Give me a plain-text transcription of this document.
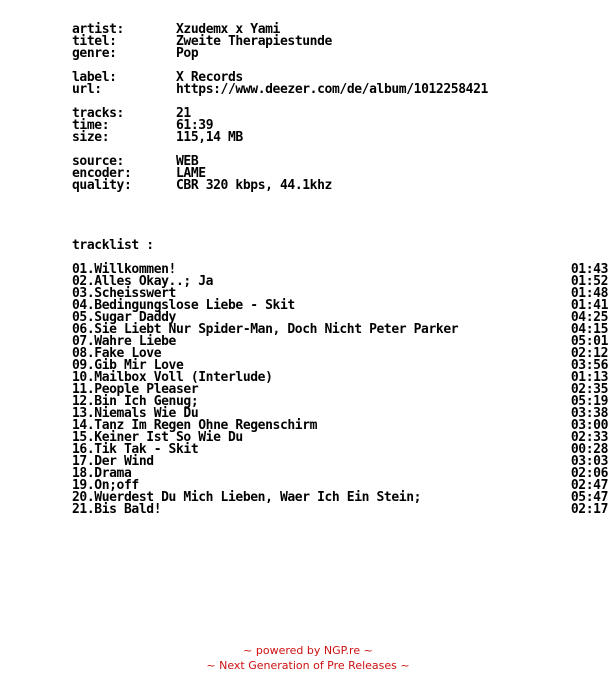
artist:	Xzudemx x Yami
titel:	Zweite Therapiestunde
genre:	Pop
label:	X Records
url:	https://www.deezer.com/de/album/1012258421
tracks:	21
time:	61:39
size:	115,14 MB
source:	WEB
encoder:	LAME
quality:	CBR 320 kbps, 44.1khz
tracklist :
01.Willkommen!	01:43
02.Alles Okay..; Ja	01:52
03.Scheisswert	01:48
04.Bedingungslose Liebe - Skit	01:41
05.Sugar Daddy	04:25
06.Sie Liebt Nur Spider-Man, Doch Nicht Peter Parker	04:15
07.Wahre Liebe	05:01
08.Fake Love	02:12
09.Gib Mir Love	03:56
10.Mailbox Voll (Interlude)	01:13
11.People Pleaser	02:35
12.Bin Ich Genug;	05:19
13.Niemals Wie Du	03:38
14.Tanz Im Regen Ohne Regenschirm	03:00
15.Keiner Ist So Wie Du	02:33
16.Tik Tak - Skit	00:28
17.Der Wind	03:03
18.Drama	02:06
19.On;off	02:47
20.Wuerdest Du Mich Lieben, Waer Ich Ein Stein;	05:47
21.Bis Bald!	02:17
~ powered by NGP.re ~
~ Next Generation of Pre Releases ~
